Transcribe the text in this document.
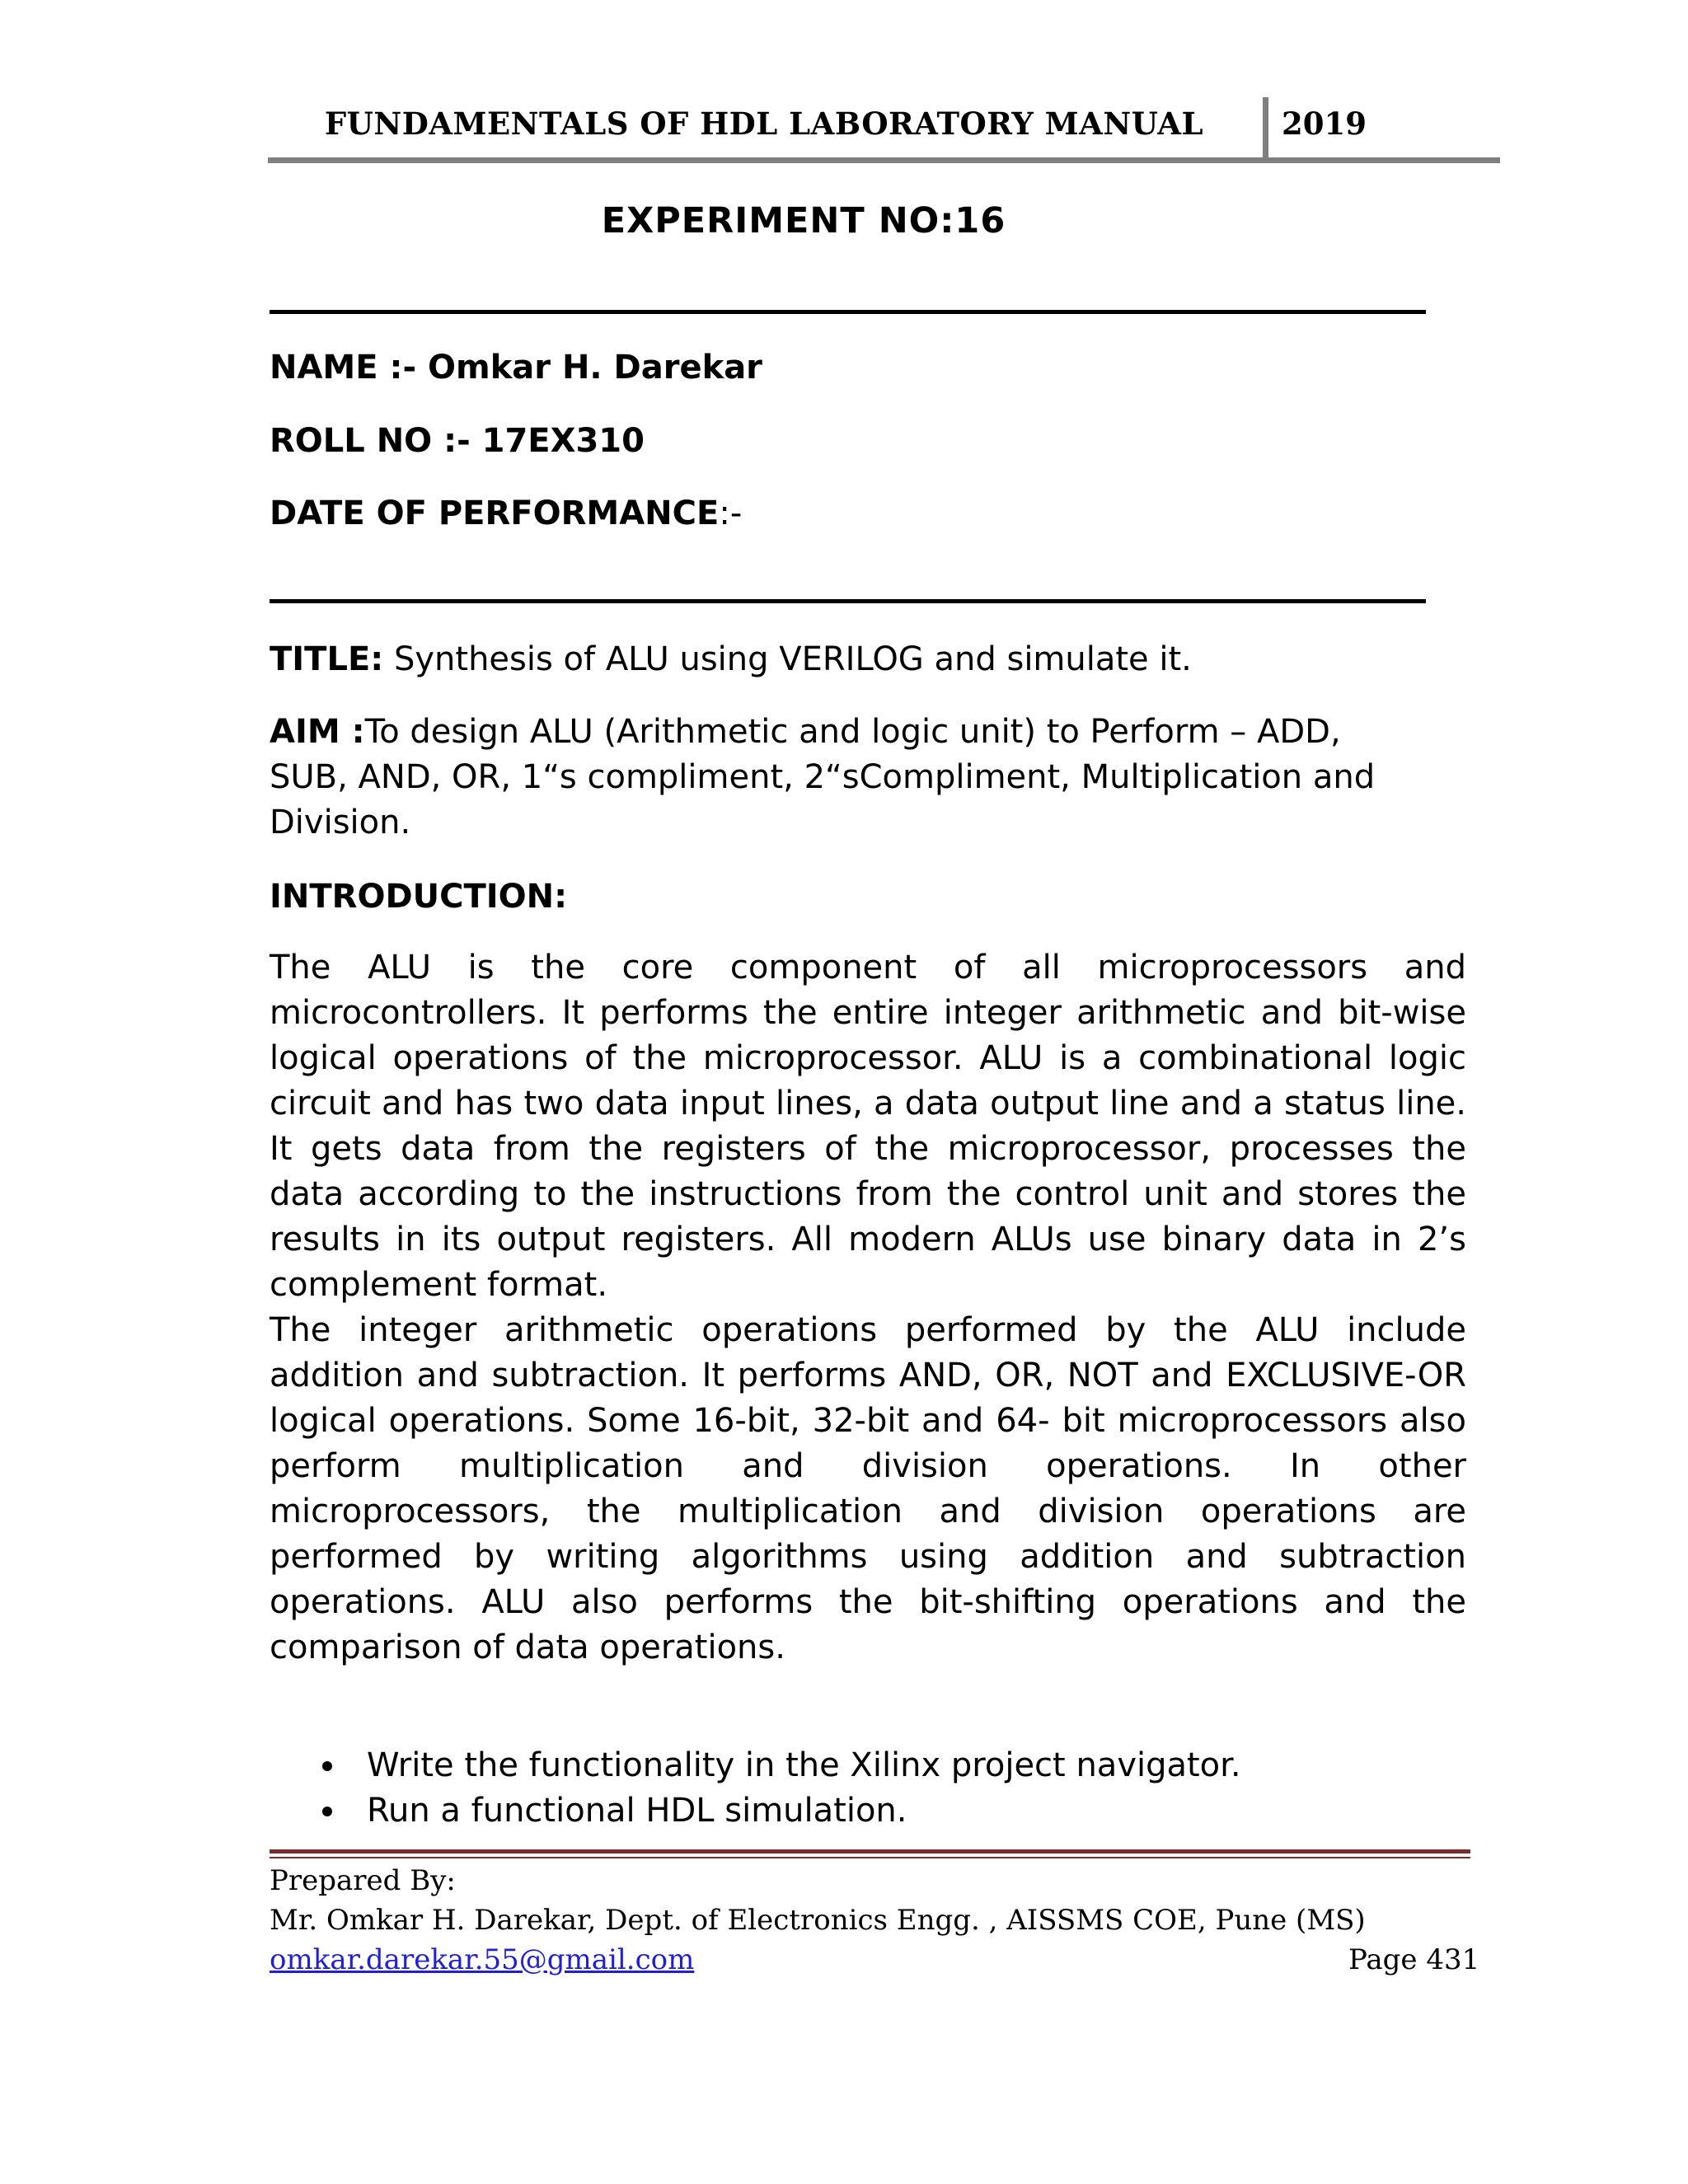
FUNDAMENTALS OF HDL LABORATORY MANUAL	2019
EXPERIMENT NO:16
NAME :- Omkar H. Darekar
ROLL NO :- 17EX310
DATE OF PERFORMANCE:-
TITLE: Synthesis of ALU using VERILOG and simulate it.
AIM :To design ALU (Arithmetic and logic unit) to Perform – ADD, SUB, AND, OR, 1“s compliment, 2“sCompliment, Multiplication and Division.
INTRODUCTION:

The ALU is the core component of all microprocessors and microcontrollers. It performs the entire integer arithmetic and bit-wise logical operations of the microprocessor. ALU is a combinational logic circuit and has two data input lines, a data output line and a status line. It gets data from the registers of the microprocessor, processes the data according to the instructions from the control unit and stores the results in its output registers. All modern ALUs use binary data in 2’s complement format.

The integer arithmetic operations performed by the ALU include addition and subtraction. It performs AND, OR, NOT and EXCLUSIVE-OR logical operations. Some 16-bit, 32-bit and 64- bit microprocessors also perform multiplication and division operations. In other microprocessors, the multiplication and division operations are performed by writing algorithms using addition and subtraction operations. ALU also performs the bit-shifting operations and the comparison of data operations.

Write the functionality in the Xilinx project navigator.
Run a functional HDL simulation.
Prepared By:
Mr. Omkar H. Darekar, Dept. of Electronics Engg. , AISSMS COE, Pune (MS)
omkar.darekar.55@gmail.com	Page 431
